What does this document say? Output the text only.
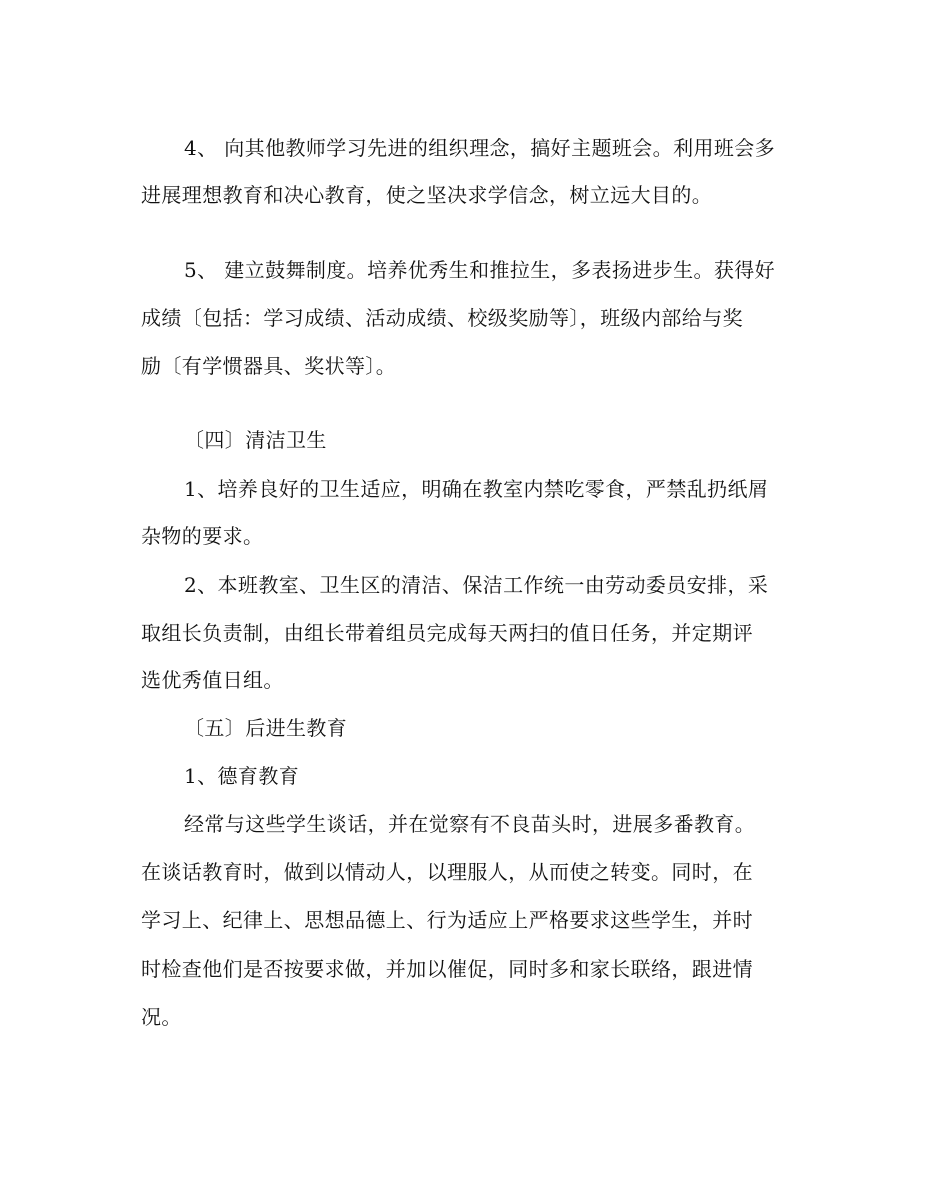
4、 向其他教师学习先进的组织理念，搞好主题班会。利用班会多
进展理想教育和决心教育，使之坚决求学信念，树立远大目的。
5、 建立鼓舞制度。培养优秀生和推拉生，多表扬进步生。获得好
成绩〔包括：学习成绩、活动成绩、校级奖励等〕，班级内部给与奖
励〔有学惯器具、奖状等〕。
〔四〕清洁卫生
1、培养良好的卫生适应，明确在教室内禁吃零食，严禁乱扔纸屑
杂物的要求。
2、本班教室、卫生区的清洁、保洁工作统一由劳动委员安排，采
取组长负责制，由组长带着组员完成每天两扫的值日任务，并定期评
选优秀值日组。
〔五〕后进生教育
1、德育教育
经常与这些学生谈话，并在觉察有不良苗头时，进展多番教育。
在谈话教育时，做到以情动人，以理服人，从而使之转变。同时，在
学习上、纪律上、思想品德上、行为适应上严格要求这些学生，并时
时检查他们是否按要求做，并加以催促，同时多和家长联络，跟进情
况。
